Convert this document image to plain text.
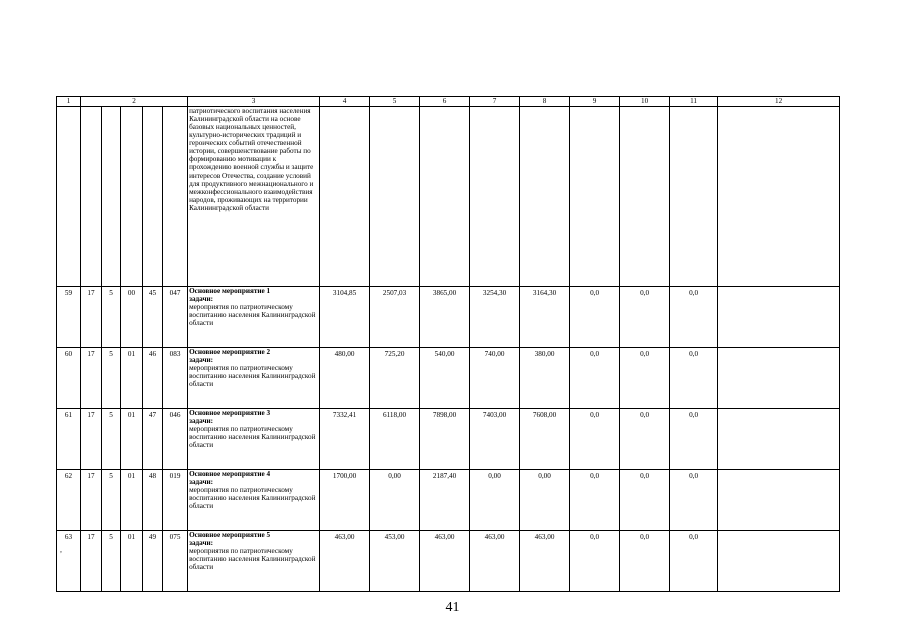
1	2					3	4	5	6	7	8	9	10	11	12
						патриотического воспитания населения Калининградской области на основе базовых национальных ценностей, культурно-исторических традиций и героических событий отечественной истории, совершенствование работы по формированию мотивации к прохождению военной службы и защите интересов Отечества, создание условий для продуктивного межнационального и межконфессионального взаимодействия народов, проживающих на территории Калининградской области									
59	17	5	00	45	047	Основное мероприятие 1
задачи:
мероприятия по патриотическому воспитанию населения Калининградской области	3104,85	2507,03	3865,00	3254,30	3164,30	0,0	0,0	0,0	
60	17	5	01	46	083	Основное мероприятие 2
задачи:
мероприятия по патриотическому воспитанию населения Калининградской области	480,00	725,20	540,00	740,00	380,00	0,0	0,0	0,0	
61	17	5	01	47	046	Основное мероприятие 3
задачи:
мероприятия по патриотическому воспитанию населения Калининградской области	7332,41	6118,00	7898,00	7403,00	7608,00	0,0	0,0	0,0	
62	17	5	01	48	019	Основное мероприятие 4
задачи:
мероприятия по патриотическому воспитанию населения Калининградской области	1700,00	0,00	2187,40	0,00	0,00	0,0	0,0	0,0	
63	17	5	01	49	075	Основное мероприятие 5
задачи:
мероприятия по патриотическому воспитанию населения Калининградской области	463,00	453,00	463,00	463,00	463,00	0,0	0,0	0,0	
,
41
